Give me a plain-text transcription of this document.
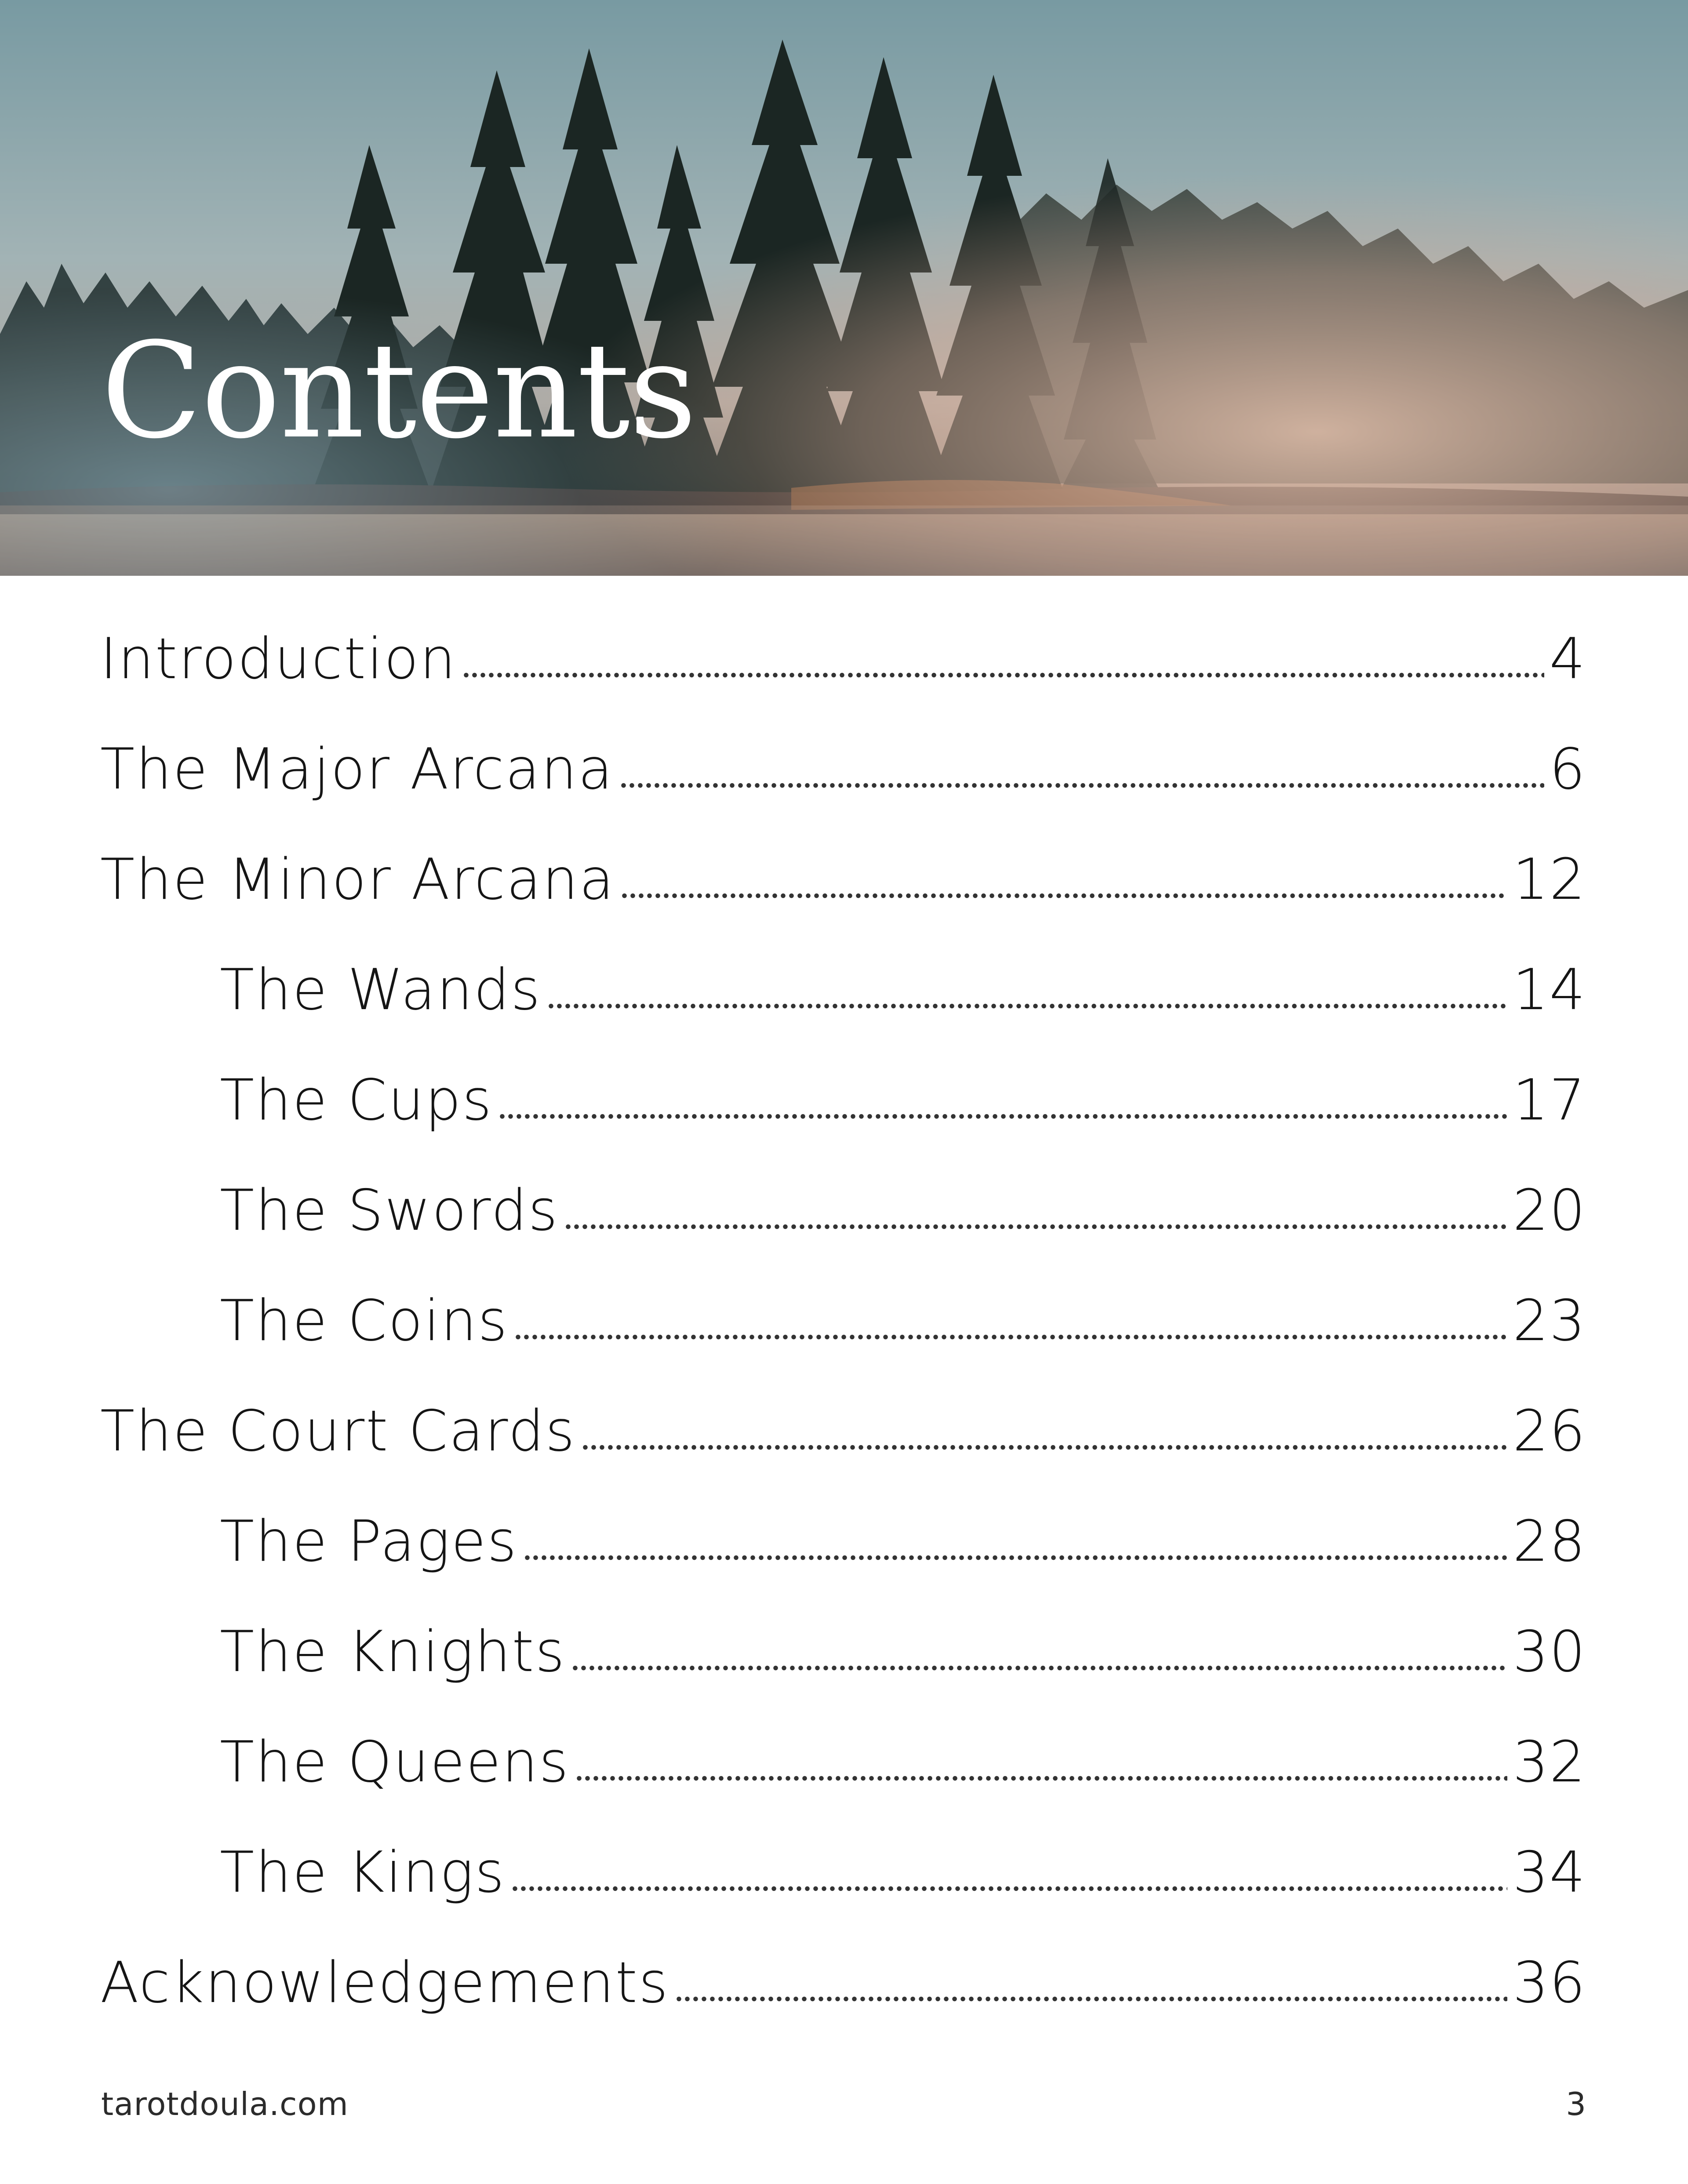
Contents
Introduction	4
The Major Arcana	6
The Minor Arcana	12
The Wands	14
The Cups	17
The Swords	20
The Coins	23
The Court Cards	26
The Pages	28
The Knights	30
The Queens	32
The Kings	34
Acknowledgements	36
tarotdoula.com	3
